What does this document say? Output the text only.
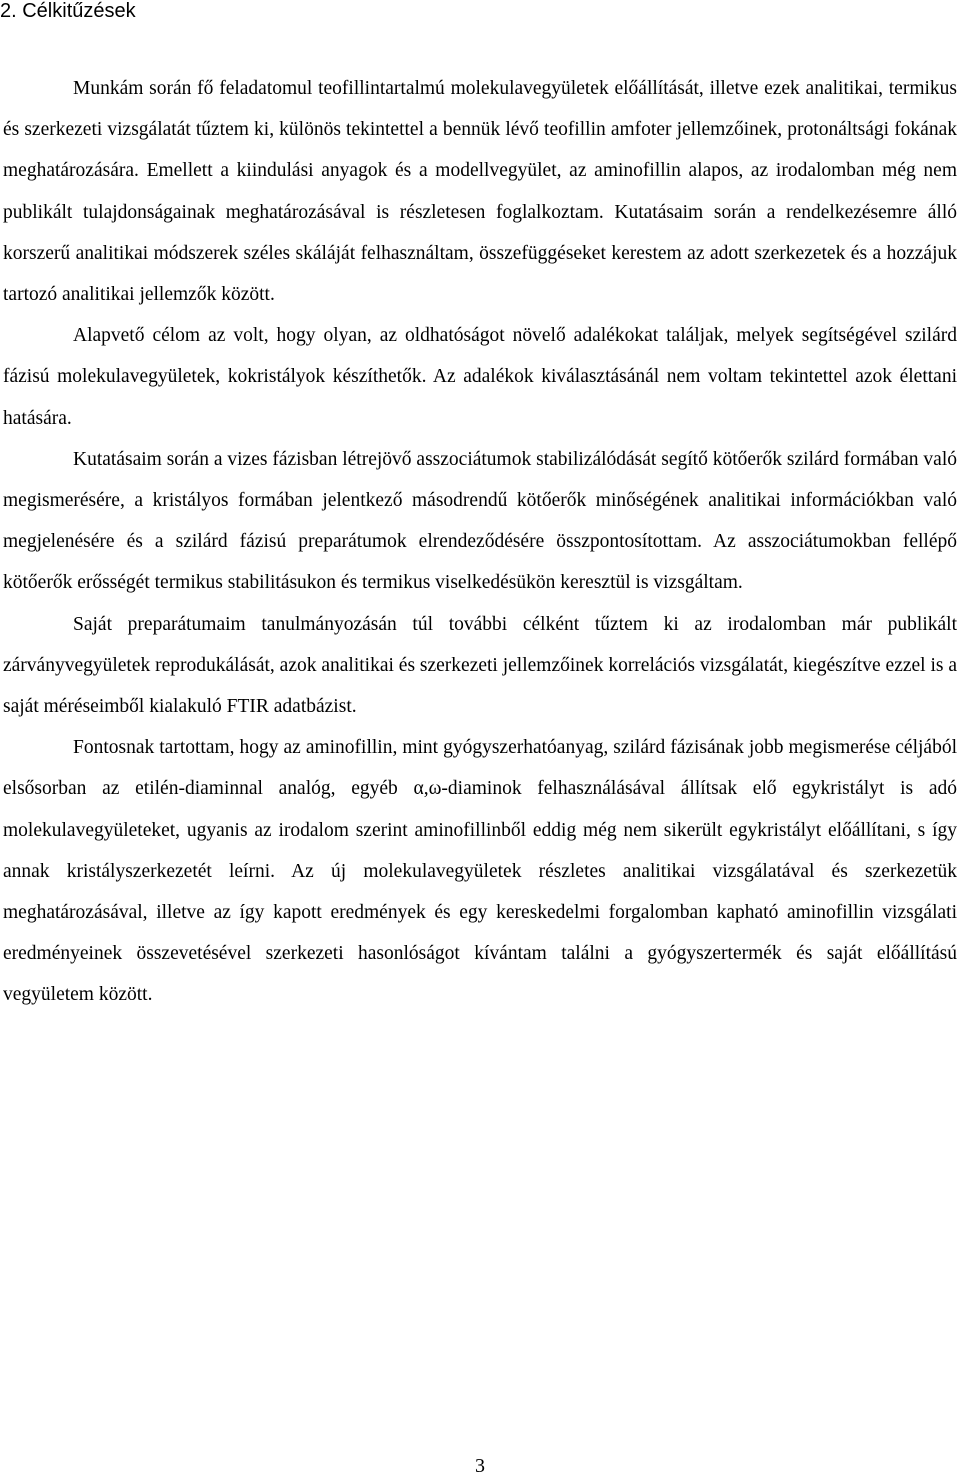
2. Célkitűzések

Munkám során fő feladatomul teofillintartalmú molekulavegyületek előállítását, illetve ezek analitikai, termikus és szerkezeti vizsgálatát tűztem ki, különös tekintettel a bennük lévő teofillin amfoter jellemzőinek, protonáltsági fokának meghatározására. Emellett a kiindulási anyagok és a modellvegyület, az aminofillin alapos, az irodalomban még nem publikált tulajdonságainak meghatározásával is részletesen foglalkoztam. Kutatásaim során a rendelkezésemre álló korszerű analitikai módszerek széles skáláját felhasználtam, összefüggéseket kerestem az adott szerkezetek és a hozzájuk tartozó analitikai jellemzők között.

Alapvető célom az volt, hogy olyan, az oldhatóságot növelő adalékokat találjak, melyek segítségével szilárd fázisú molekulavegyületek, kokristályok készíthetők. Az adalékok kiválasztásánál nem voltam tekintettel azok élettani hatására.

Kutatásaim során a vizes fázisban létrejövő asszociátumok stabilizálódását segítő kötőerők szilárd formában való megismerésére, a kristályos formában jelentkező másodrendű kötőerők minőségének analitikai információkban való megjelenésére és a szilárd fázisú preparátumok elrendeződésére összpontosítottam. Az asszociátumokban fellépő kötőerők erősségét termikus stabilitásukon és termikus viselkedésükön keresztül is vizsgáltam.

Saját preparátumaim tanulmányozásán túl további célként tűztem ki az irodalomban már publikált zárványvegyületek reprodukálását, azok analitikai és szerkezeti jellemzőinek korrelációs vizsgálatát, kiegészítve ezzel is a saját méréseimből kialakuló FTIR adatbázist.

Fontosnak tartottam, hogy az aminofillin, mint gyógyszerhatóanyag, szilárd fázisának jobb megismerése céljából elsősorban az etilén-diaminnal analóg, egyéb α,ω-diaminok felhasználásával állítsak elő egykristályt is adó molekulavegyületeket, ugyanis az irodalom szerint aminofillinből eddig még nem sikerült egykristályt előállítani, s így annak kristályszerkezetét leírni. Az új molekulavegyületek részletes analitikai vizsgálatával és szerkezetük meghatározásával, illetve az így kapott eredmények és egy kereskedelmi forgalomban kapható aminofillin vizsgálati eredményeinek összevetésével szerkezeti hasonlóságot kívántam találni a gyógyszertermék és saját előállítású vegyületem között.

3
